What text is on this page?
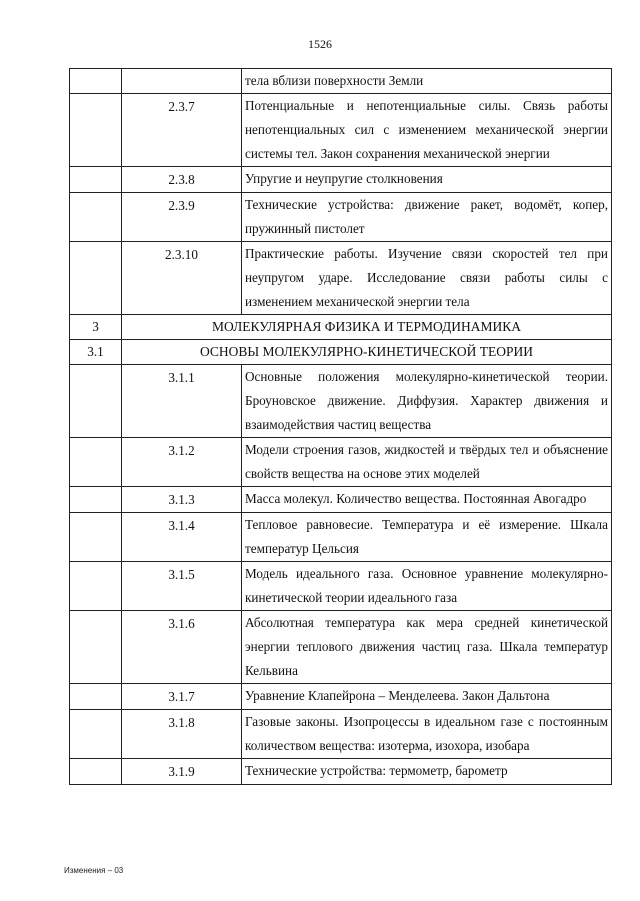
1526
		тела вблизи поверхности Земли
	2.3.7	Потенциальные и непотенциальные силы. Связь работы непотенциальных сил с изменением механической энергии системы тел. Закон сохранения механической энергии
	2.3.8	Упругие и неупругие столкновения
	2.3.9	Технические устройства: движение ракет, водомёт, копер, пружинный пистолет
	2.3.10	Практические работы. Изучение связи скоростей тел при неупругом ударе. Исследование связи работы силы с изменением механической энергии тела
3	МОЛЕКУЛЯРНАЯ ФИЗИКА И ТЕРМОДИНАМИКА	
3.1	ОСНОВЫ МОЛЕКУЛЯРНО-КИНЕТИЧЕСКОЙ ТЕОРИИ	
	3.1.1	Основные положения молекулярно-кинетической теории. Броуновское движение. Диффузия. Характер движения и взаимодействия частиц вещества
	3.1.2	Модели строения газов, жидкостей и твёрдых тел и объяснение свойств вещества на основе этих моделей
	3.1.3	Масса молекул. Количество вещества. Постоянная Авогадро
	3.1.4	Тепловое равновесие. Температура и её измерение. Шкала температур Цельсия
	3.1.5	Модель идеального газа. Основное уравнение молекулярно-кинетической теории идеального газа
	3.1.6	Абсолютная температура как мера средней кинетической энергии теплового движения частиц газа. Шкала температур Кельвина
	3.1.7	Уравнение Клапейрона – Менделеева. Закон Дальтона
	3.1.8	Газовые законы. Изопроцессы в идеальном газе с постоянным количеством вещества: изотерма, изохора, изобара
	3.1.9	Технические устройства: термометр, барометр
Изменения – 03
